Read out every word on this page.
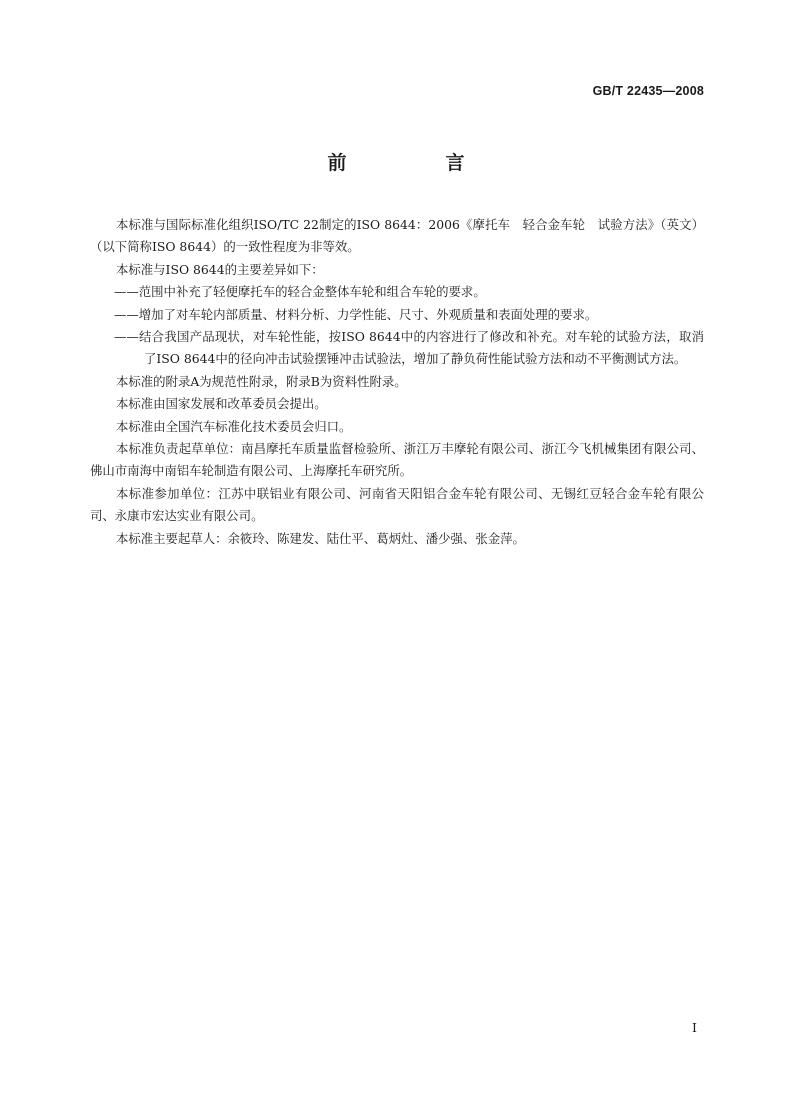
GB/T 22435—2008
前　言

本标准与国际标准化组织ISO/TC 22制定的ISO 8644：2006《摩托车　轻合金车轮　试验方法》（英文）（以下简称ISO 8644）的一致性程度为非等效。

本标准与ISO 8644的主要差异如下：

——范围中补充了轻便摩托车的轻合金整体车轮和组合车轮的要求。

——增加了对车轮内部质量、材料分析、力学性能、尺寸、外观质量和表面处理的要求。

——结合我国产品现状，对车轮性能，按ISO 8644中的内容进行了修改和补充。对车轮的试验方法，取消了ISO 8644中的径向冲击试验摆锤冲击试验法，增加了静负荷性能试验方法和动不平衡测试方法。

本标准的附录A为规范性附录，附录B为资料性附录。

本标准由国家发展和改革委员会提出。

本标准由全国汽车标准化技术委员会归口。

本标准负责起草单位：南昌摩托车质量监督检验所、浙江万丰摩轮有限公司、浙江今飞机械集团有限公司、佛山市南海中南铝车轮制造有限公司、上海摩托车研究所。

本标准参加单位：江苏中联铝业有限公司、河南省天阳铝合金车轮有限公司、无锡红豆轻合金车轮有限公司、永康市宏达实业有限公司。

本标准主要起草人：余筱玲、陈建发、陆仕平、葛炳灶、潘少强、张金萍。

I
